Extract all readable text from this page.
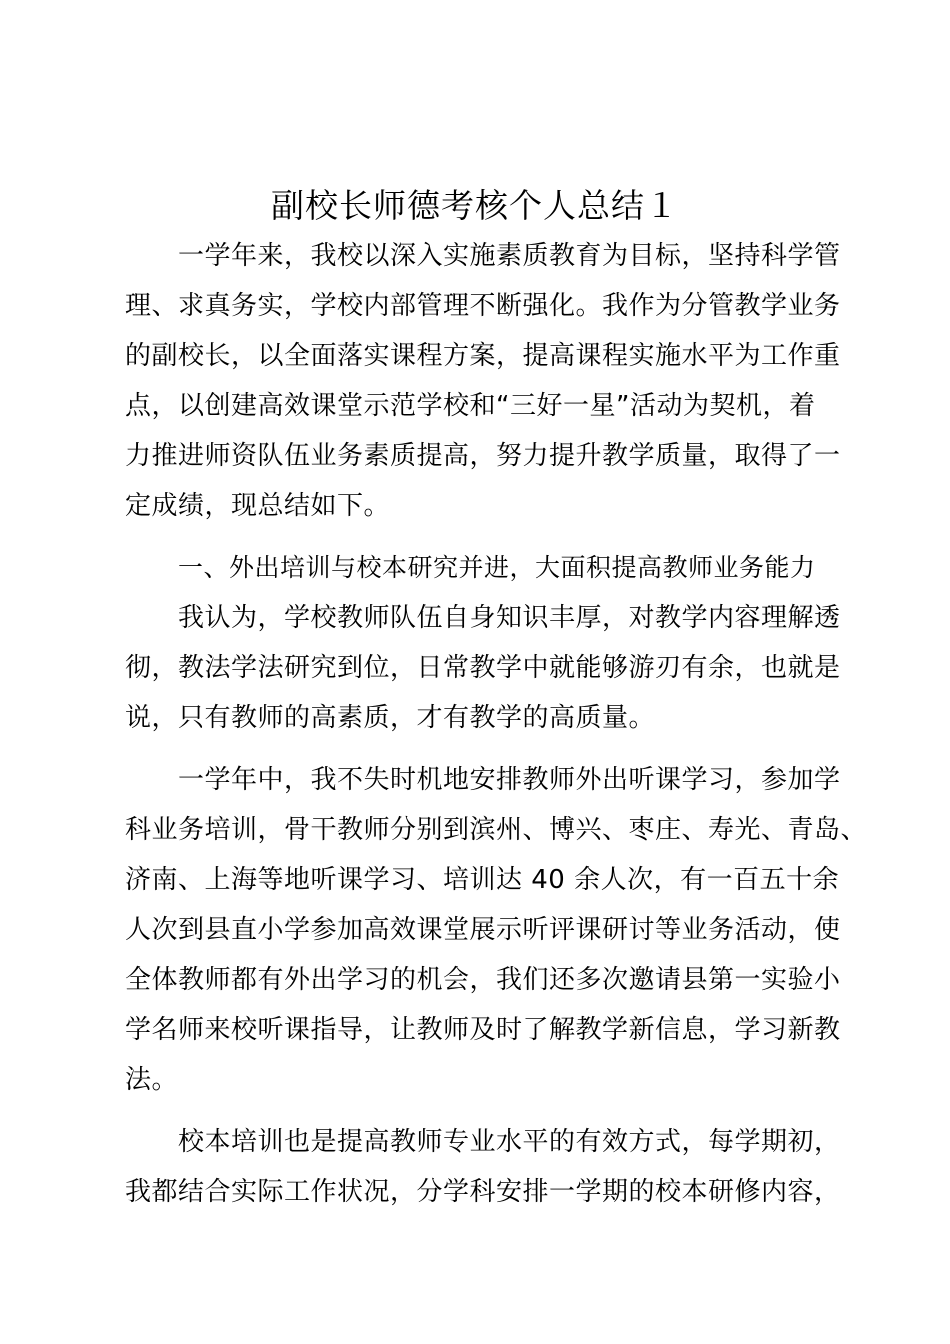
副校长师德考核个人总结１

一学年来，我校以深入实施素质教育为目标，坚持科学管
理、求真务实，学校内部管理不断强化。我作为分管教学业务
的副校长，以全面落实课程方案，提高课程实施水平为工作重
点，以创建高效课堂示范学校和“三好一星”活动为契机，着
力推进师资队伍业务素质提高，努力提升教学质量，取得了一
定成绩，现总结如下。

一、外出培训与校本研究并进，大面积提高教师业务能力

我认为，学校教师队伍自身知识丰厚，对教学内容理解透
彻，教法学法研究到位，日常教学中就能够游刃有余，也就是
说，只有教师的高素质，才有教学的高质量。

一学年中，我不失时机地安排教师外出听课学习，参加学
科业务培训，骨干教师分别到滨州、博兴、枣庄、寿光、青岛、
济南、上海等地听课学习、培训达 40 余人次，有一百五十余
人次到县直小学参加高效课堂展示听评课研讨等业务活动，使
全体教师都有外出学习的机会，我们还多次邀请县第一实验小
学名师来校听课指导，让教师及时了解教学新信息，学习新教
法。

校本培训也是提高教师专业水平的有效方式，每学期初，
我都结合实际工作状况，分学科安排一学期的校本研修内容，
